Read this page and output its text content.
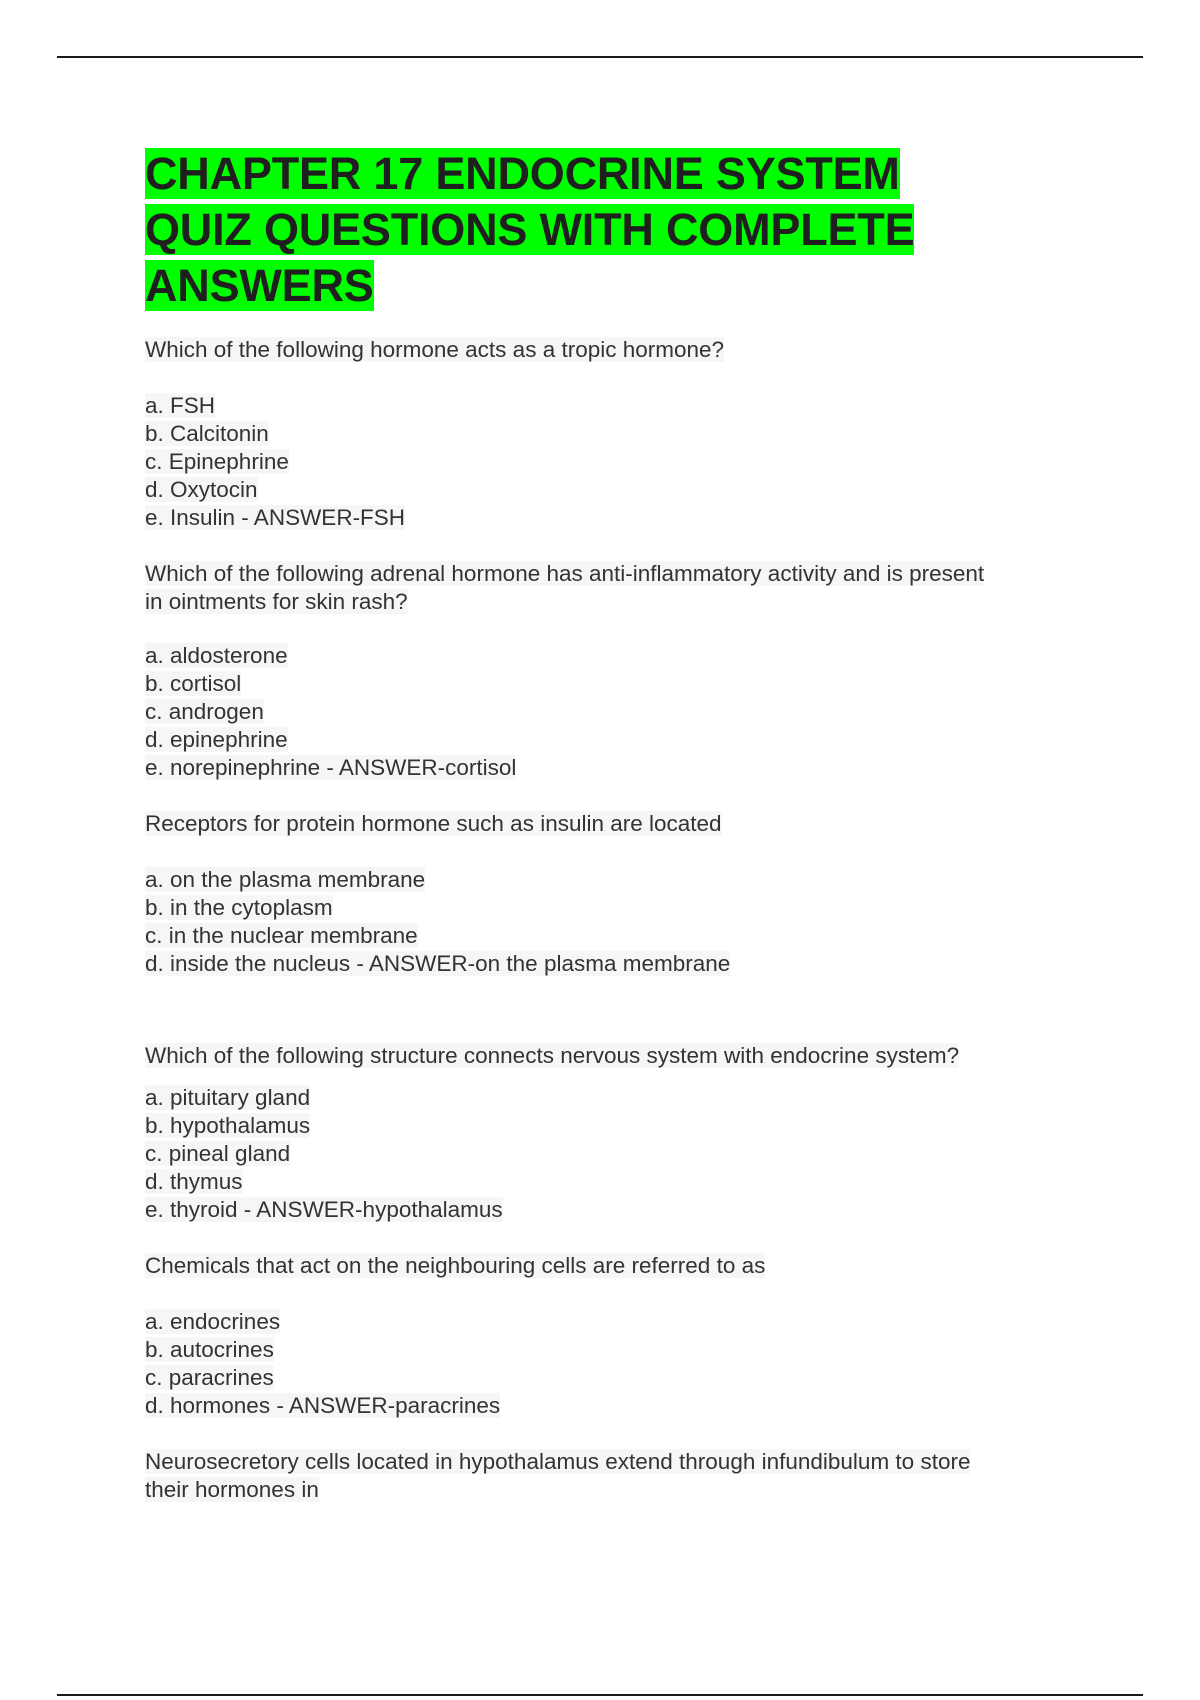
CHAPTER 17 ENDOCRINE SYSTEM
QUIZ QUESTIONS WITH COMPLETE
ANSWERS

Which of the following hormone acts as a tropic hormone?

a. FSH
b. Calcitonin
c. Epinephrine
d. Oxytocin
e. Insulin - ANSWER-FSH

Which of the following adrenal hormone has anti-inflammatory activity and is present
in ointments for skin rash?

a. aldosterone
b. cortisol
c. androgen
d. epinephrine
e. norepinephrine - ANSWER-cortisol

Receptors for protein hormone such as insulin are located

a. on the plasma membrane
b. in the cytoplasm
c. in the nuclear membrane
d. inside the nucleus - ANSWER-on the plasma membrane

Which of the following structure connects nervous system with endocrine system?

a. pituitary gland
b. hypothalamus
c. pineal gland
d. thymus
e. thyroid - ANSWER-hypothalamus

Chemicals that act on the neighbouring cells are referred to as

a. endocrines
b. autocrines
c. paracrines
d. hormones - ANSWER-paracrines

Neurosecretory cells located in hypothalamus extend through infundibulum to store
their hormones in
